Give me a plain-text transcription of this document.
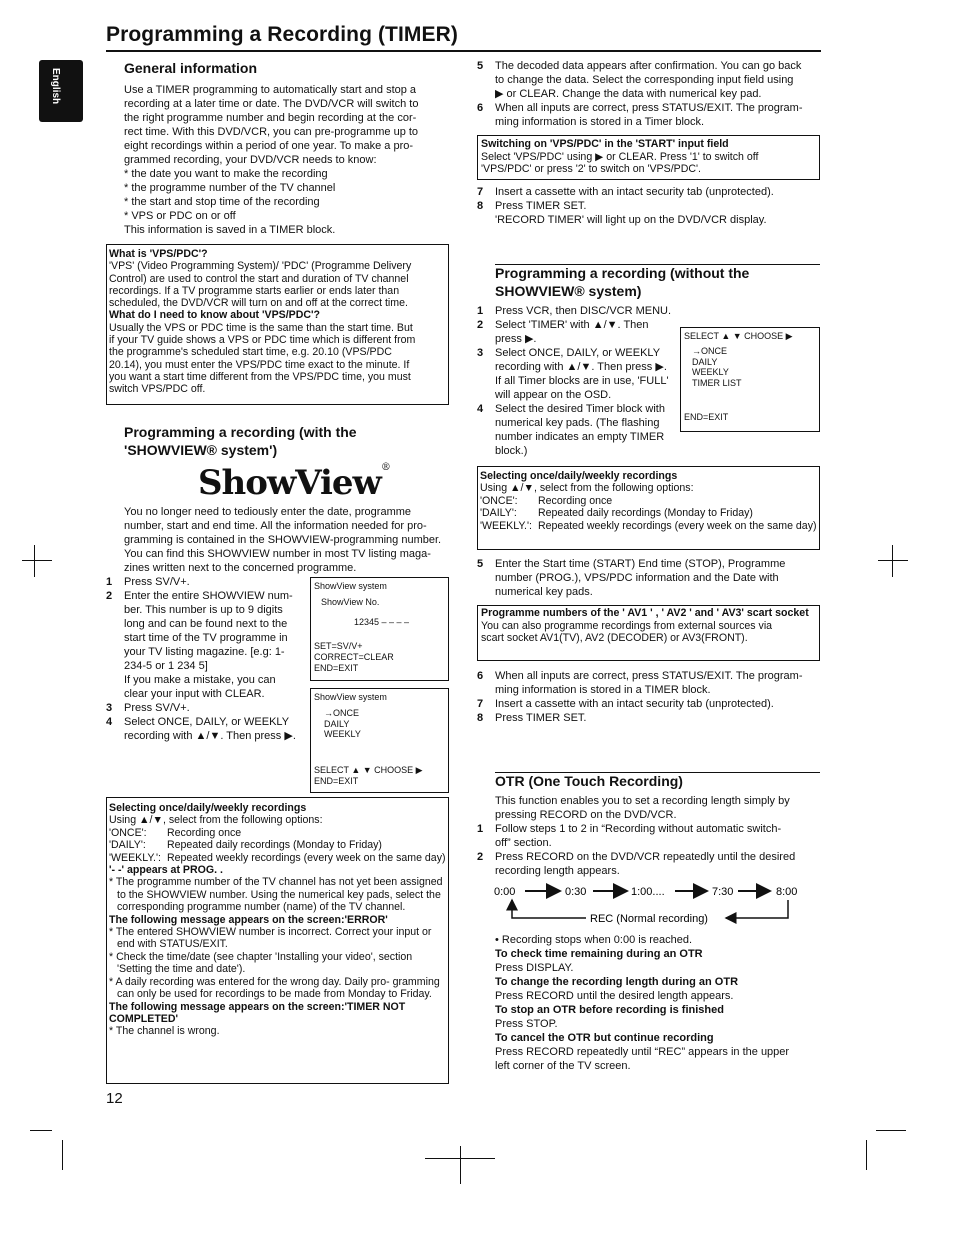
Programming a Recording (TIMER)
English	General information
Use a TIMER programming to automatically start and stop a
recording at a later time or date. The DVD/VCR will switch to
the right programme number and begin recording at the cor-
rect time. With this DVD/VCR, you can pre-programme up to
eight recordings within a period of one year. To make a pro-
grammed recording, your DVD/VCR needs to know:
* the date you want to make the recording
* the programme number of the TV channel
* the start and stop time of the recording
* VPS or PDC on or off
This information is saved in a TIMER block.
What is 'VPS/PDC'?
'VPS' (Video Programming System)/ 'PDC' (Programme Delivery
Control) are used to control the start and duration of TV channel
recordings. If a TV programme starts earlier or ends later than
scheduled, the DVD/VCR will turn on and off at the correct time.
What do I need to know about 'VPS/PDC'?
Usually the VPS or PDC time is the same than the start time. But
if your TV guide shows a VPS or PDC time which is different from
the programme's scheduled start time, e.g. 20.10 (VPS/PDC
20.14), you must enter the VPS/PDC time exact to the minute. If
you want a start time different from the VPS/PDC time, you must
switch VPS/PDC off.
Programming a recording (with the
'SHOWVIEW® system')
ShowView®
You no longer need to tediously enter the date, programme
number, start and end time. All the information needed for pro-
gramming is contained in the SHOWVIEW-programming number.
You can find this SHOWVIEW number in most TV listing maga-
zines written next to the concerned programme.
1 Press SV/V+.
2 Enter the entire SHOWVIEW num-
ber. This number is up to 9 digits
long and can be found next to the
start time of the TV programme in
your TV listing magazine. [e.g: 1-
234-5 or 1 234 5]
If you make a mistake, you can
clear your input with CLEAR.
3 Press SV/V+.
4 Select ONCE, DAILY, or WEEKLY
recording with ▲/▼. Then press ▶.
ShowView system
ShowView No.
12345 – – – –
SET=SV/V+
CORRECT=CLEAR
END=EXIT
ShowView system
→ONCE
DAILY
WEEKLY
SELECT ▲ ▼ CHOOSE ▶
END=EXIT
Selecting once/daily/weekly recordings
Using ▲/▼, select from the following options:
'ONCE':	Recording once
'DAILY':	Repeated daily recordings (Monday to Friday)
'WEEKLY.': Repeated weekly recordings (every week on the same day)
'- -' appears at PROG. .
* The programme number of the TV channel has not yet been assigned to the SHOWVIEW number. Using the numerical key pads, select the corresponding programme number (name) of the TV channel.
The following message appears on the screen:'ERROR'
* The entered SHOWVIEW number is incorrect. Correct your input or end with STATUS/EXIT.
* Check the time/date (see chapter 'Installing your video', section 'Setting the time and date').
* A daily recording was entered for the wrong day. Daily pro- gramming can only be used for recordings to be made from Monday to Friday.
The following message appears on the screen:'TIMER NOT COMPLETED'
* The channel is wrong.
12
5 The decoded data appears after confirmation. You can go back
to change the data. Select the corresponding input field using
▶ or CLEAR. Change the data with numerical key pad.
6 When all inputs are correct, press STATUS/EXIT. The program-
ming information is stored in a Timer block.
Switching on 'VPS/PDC' in the 'START' input field
Select 'VPS/PDC' using ▶ or CLEAR. Press '1' to switch off
'VPS/PDC' or press '2' to switch on 'VPS/PDC'.
7 Insert a cassette with an intact security tab (unprotected).
8 Press TIMER SET.
'RECORD TIMER' will light up on the DVD/VCR display.
Programming a recording (without the
SHOWVIEW® system)
1 Press VCR, then DISC/VCR MENU.
2 Select 'TIMER' with ▲/▼. Then
press ▶.
3 Select ONCE, DAILY, or WEEKLY
recording with ▲/▼. Then press ▶.
If all Timer blocks are in use, 'FULL'
will appear on the OSD.
4 Select the desired Timer block with
numerical key pads. (The flashing
number indicates an empty TIMER block.)
SELECT ▲ ▼ CHOOSE ▶
→ONCE
DAILY
WEEKLY
TIMER LIST
END=EXIT
Selecting once/daily/weekly recordings
Using ▲/▼, select from the following options:
'ONCE':	Recording once
'DAILY':	Repeated daily recordings (Monday to Friday)
'WEEKLY.': Repeated weekly recordings (every week on the same day)
5 Enter the Start time (START) End time (STOP), Programme
number (PROG.), VPS/PDC information and the Date with
numerical key pads.
Programme numbers of the ' AV1 ' , ' AV2 ' and ' AV3' scart socket
You can also programme recordings from external sources via
scart socket AV1(TV), AV2 (DECODER) or AV3(FRONT).
6 When all inputs are correct, press STATUS/EXIT. The program-
ming information is stored in a TIMER block.
7 Insert a cassette with an intact security tab (unprotected).
8 Press TIMER SET.
OTR (One Touch Recording)
This function enables you to set a recording length simply by
pressing RECORD on the DVD/VCR.
1 Follow steps 1 to 2 in “Recording without automatic switch-
off” section.
2 Press RECORD on the DVD/VCR repeatedly until the desired
recording length appears.
0:00	0:30	1:00....	7:30	8:00
REC (Normal recording)
• Recording stops when 0:00 is reached.
To check time remaining during an OTR
Press DISPLAY.
To change the recording length during an OTR
Press RECORD until the desired length appears.
To stop an OTR before recording is finished
Press STOP.
To cancel the OTR but continue recording
Press RECORD repeatedly until “REC” appears in the upper
left corner of the TV screen.
